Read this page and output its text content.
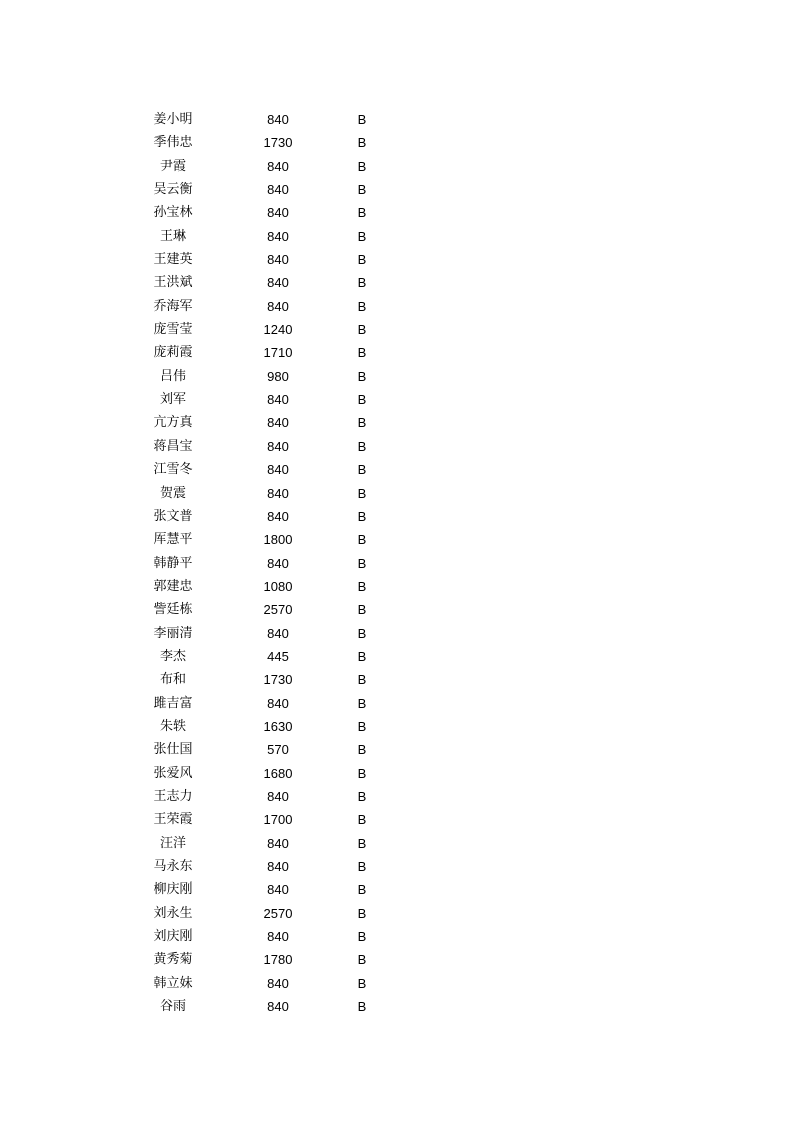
姜小明	840	B
季伟忠	1730	B
尹霞	840	B
吴云衡	840	B
孙宝林	840	B
王琳	840	B
王建英	840	B
王洪斌	840	B
乔海军	840	B
庞雪莹	1240	B
庞莉霞	1710	B
吕伟	980	B
刘军	840	B
亢方真	840	B
蒋昌宝	840	B
江雪冬	840	B
贺震	840	B
张文普	840	B
厍慧平	1800	B
韩静平	840	B
郭建忠	1080	B
訾廷栋	2570	B
李丽清	840	B
李杰	445	B
布和	1730	B
雎吉富	840	B
朱轶	1630	B
张仕国	570	B
张爱风	1680	B
王志力	840	B
王荣霞	1700	B
汪洋	840	B
马永东	840	B
柳庆刚	840	B
刘永生	2570	B
刘庆刚	840	B
黄秀菊	1780	B
韩立妹	840	B
谷雨	840	B
